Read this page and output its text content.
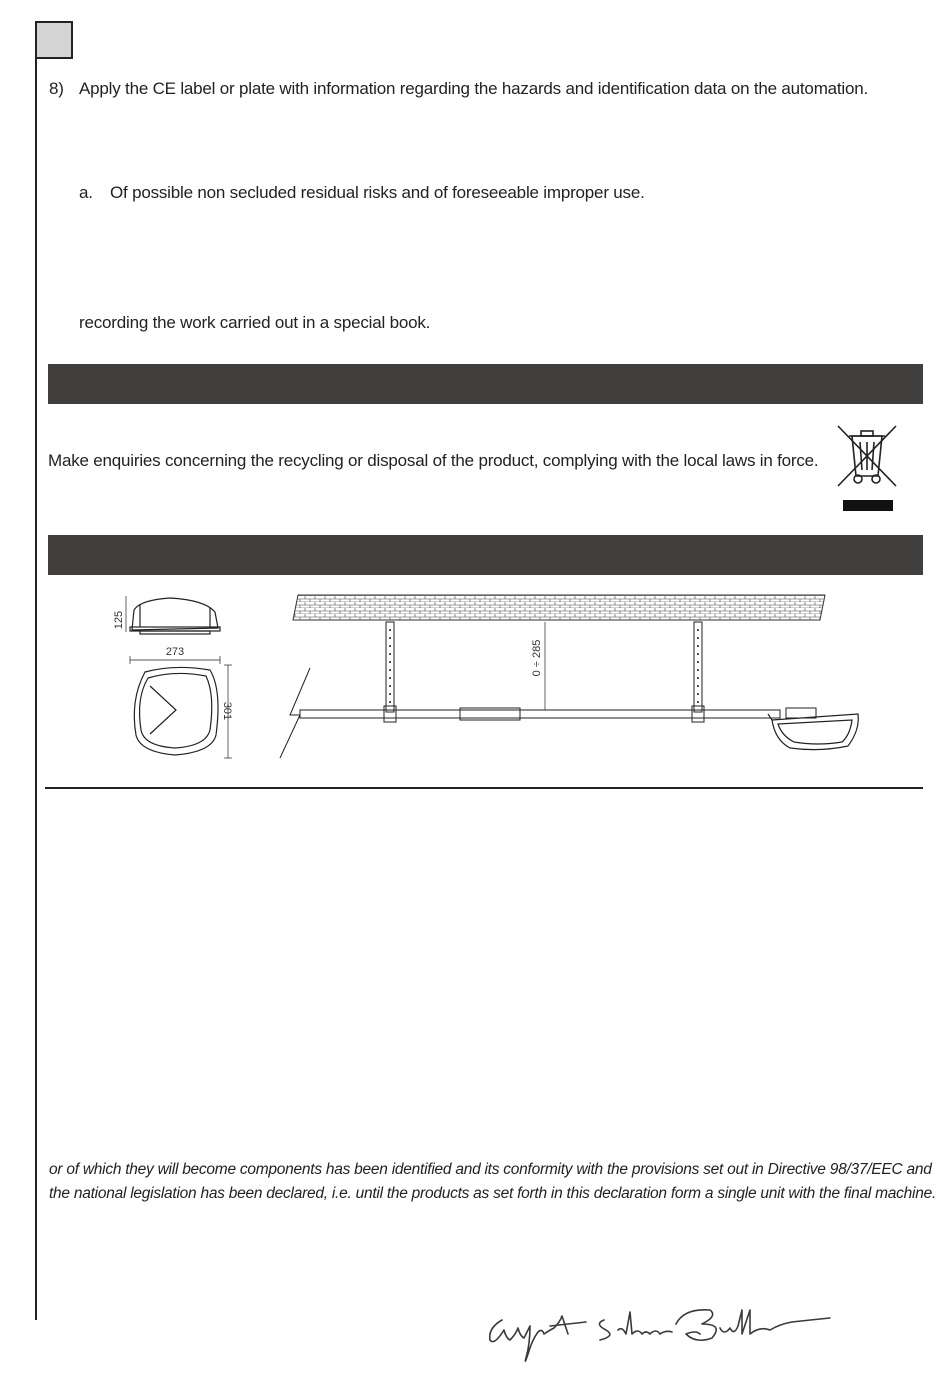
8) Apply the CE label or plate with information regarding the hazards and identification data on the automation.
a. Of possible non secluded residual risks and of foreseeable improper use.
recording the work carried out in a special book.
Make enquiries concerning the recycling or disposal of the product, complying with the local laws in force.
125
273
301
0 ÷ 285
or of which they will become components has been identified and its conformity with the provisions set out in Directive 98/37/EEC and
the national legislation has been declared, i.e. until the products as set forth in this declaration form a single unit with the final machine.
